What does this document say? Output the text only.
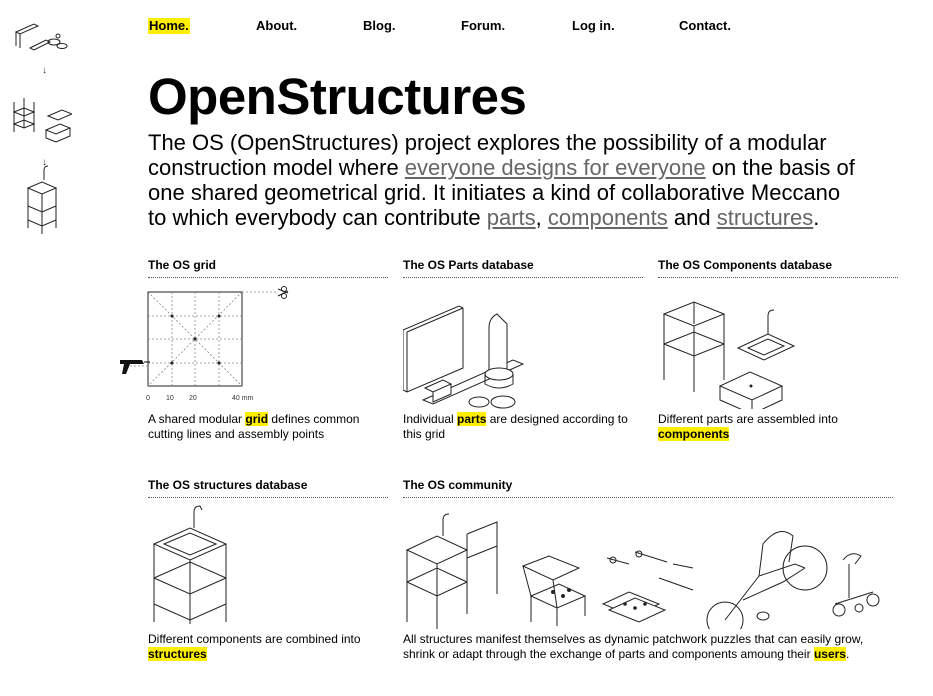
↓
↓
Home.	About.	Blog.	Forum.	Log in.	Contact.
OpenStructures

The OS (OpenStructures) project explores the possibility of a modular construction model where everyone designs for everyone on the basis of one shared geometrical grid. It initiates a kind of collaborative Meccano to which everybody can contribute parts, components and structures.

The OS grid
0 10 20	40 mm

A shared modular grid defines common cutting lines and assembly points

The OS Parts database

Individual parts are designed according to this grid

The OS Components database

Different parts are assembled into components

The OS structures database

Different components are combined into structures

The OS community

All structures manifest themselves as dynamic patchwork puzzles that can easily grow, shrink or adapt through the exchange of parts and components amoung their users.
